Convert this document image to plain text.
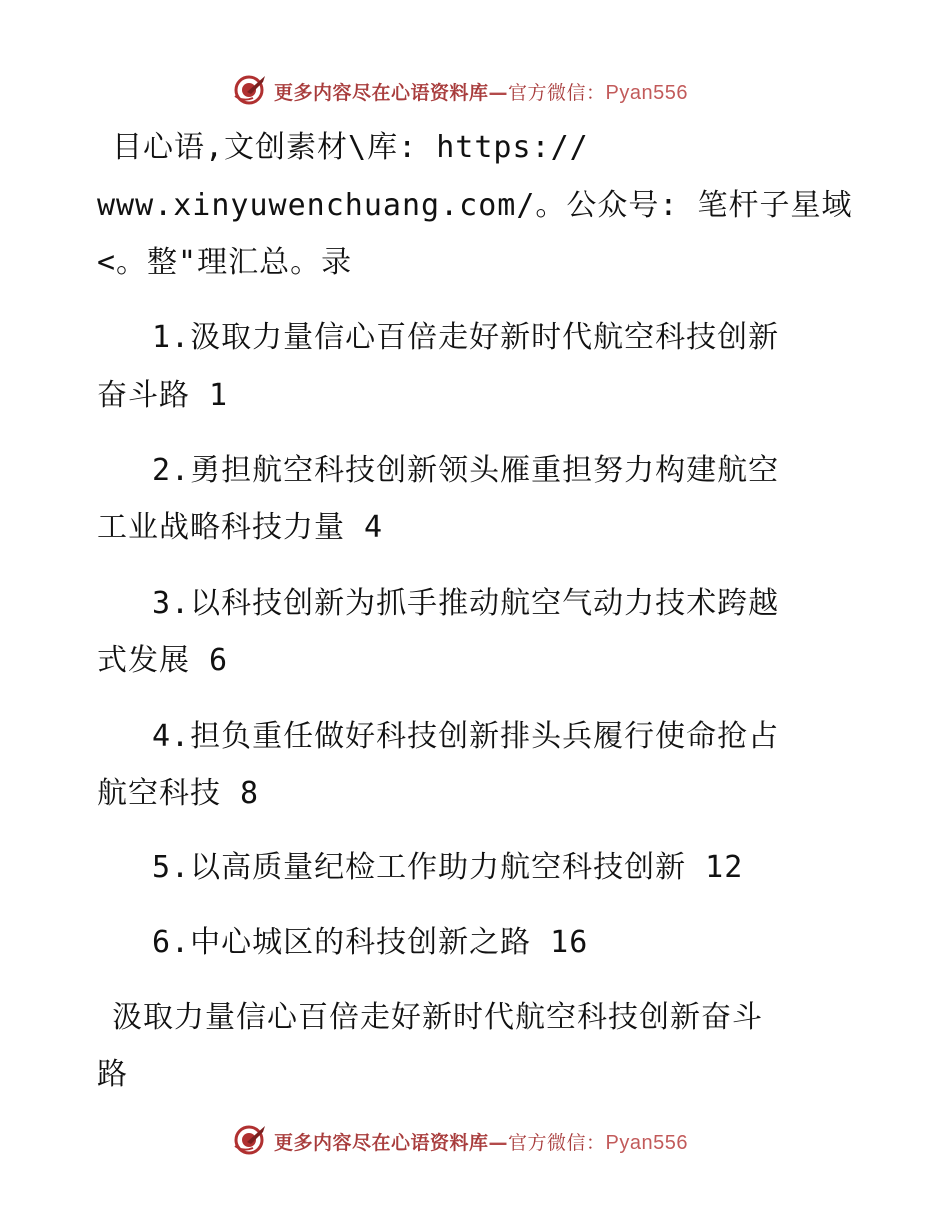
更多内容尽在心语资料库—官方微信：Pyan556
目心语,文创素材\库: https://
www.xinyuwenchuang.com/。公众号: 笔杆子星域
<。整"理汇总。录
1.汲取力量信心百倍走好新时代航空科技创新
奋斗路 1
2.勇担航空科技创新领头雁重担努力构建航空
工业战略科技力量 4
3.以科技创新为抓手推动航空气动力技术跨越
式发展 6
4.担负重任做好科技创新排头兵履行使命抢占
航空科技 8
5.以高质量纪检工作助力航空科技创新 12
6.中心城区的科技创新之路 16
汲取力量信心百倍走好新时代航空科技创新奋斗
路
更多内容尽在心语资料库—官方微信：Pyan556
